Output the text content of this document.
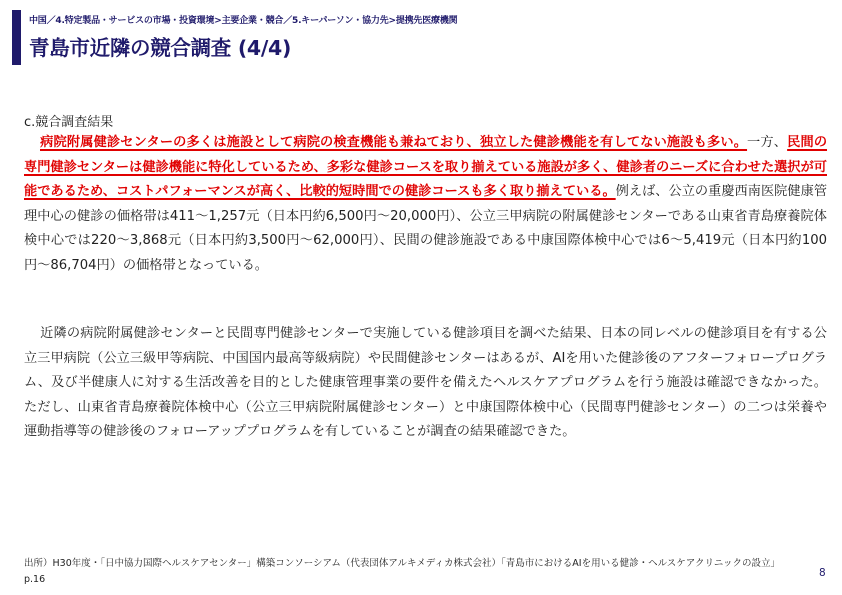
中国／4.特定製品・サービスの市場・投資環境>主要企業・競合／5.キーパーソン・協力先>提携先医療機関
青島市近隣の競合調査 (4/4)
c.競合調査結果
病院附属健診センターの多くは施設として病院の検査機能も兼ねており、独立した健診機能を有してない施設も多い。一方、民間の専門健診センターは健診機能に特化しているため、多彩な健診コースを取り揃えている施設が多く、健診者のニーズに合わせた選択が可能であるため、コストパフォーマンスが高く、比較的短時間での健診コースも多く取り揃えている。例えば、公立の重慶西南医院健康管理中心の健診の価格帯は411～1,257元（日本円約6,500円～20,000円）、公立三甲病院の附属健診センターである山東省青島療養院体検中心では220～3,868元（日本円約3,500円～62,000円）、民間の健診施設である中康国際体検中心では6～5,419元（日本円約100円～86,704円）の価格帯となっている。
近隣の病院附属健診センターと民間専門健診センターで実施している健診項目を調べた結果、日本の同レベルの健診項目を有する公立三甲病院（公立三級甲等病院、中国国内最高等級病院）や民間健診センターはあるが、AIを用いた健診後のアフターフォロープログラム、及び半健康人に対する生活改善を目的とした健康管理事業の要件を備えたヘルスケアプログラムを行う施設は確認できなかった。ただし、山東省青島療養院体検中心（公立三甲病院附属健診センター）と中康国際体検中心（民間専門健診センター）の二つは栄養や運動指導等の健診後のフォローアッププログラムを有していることが調査の結果確認できた。
出所）H30年度・「日中協力国際ヘルスケアセンター」構築コンソーシアム（代表団体アルキメディカ株式会社）「青島市におけるAIを用いる健診・ヘルスケアクリニックの設立」p.16
8
